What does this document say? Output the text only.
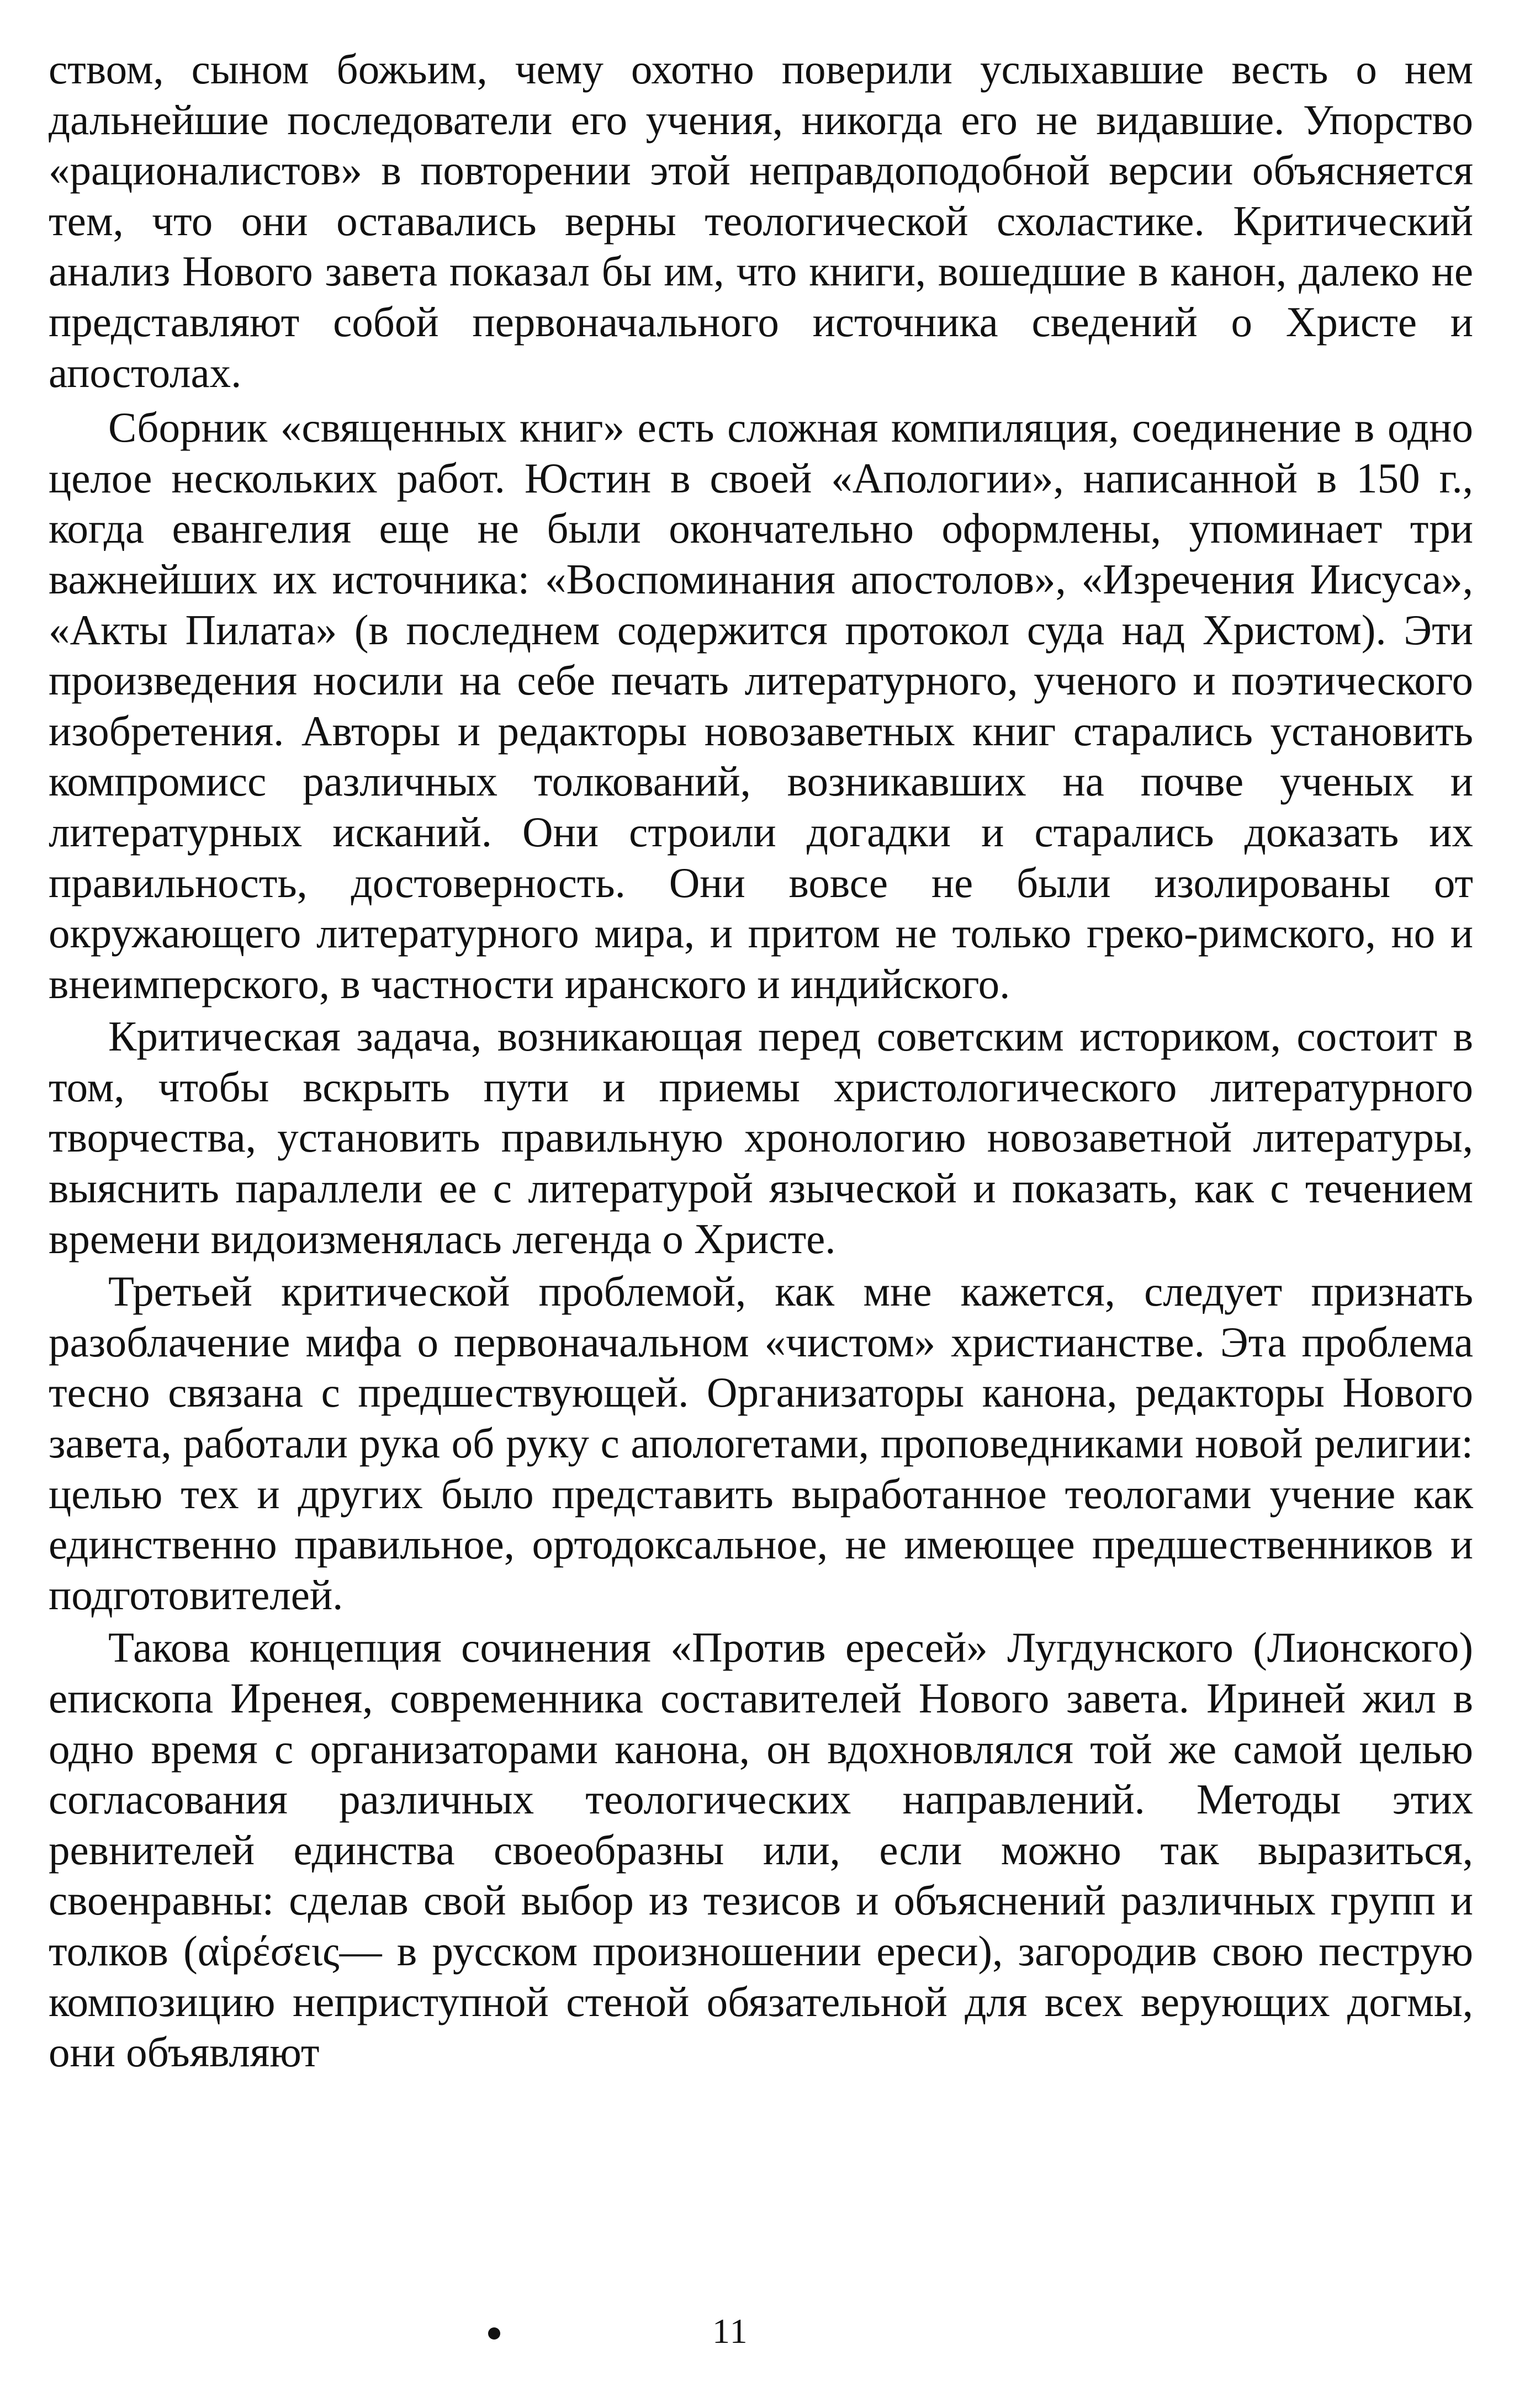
ством, сыном божьим, чему охотно поверили услыхавшие весть о нем дальнейшие последователи его учения, никогда его не видавшие. Упорство «рационалистов» в повторении этой неправдоподобной версии объясняется тем, что они оставались верны теологической схоластике. Критический анализ Нового завета показал бы им, что книги, вошедшие в канон, далеко не представляют собой первоначального источника сведений о Христе и апостолах.

Сборник «священных книг» есть сложная компиляция, соединение в одно целое нескольких работ. Юстин в своей «Апологии», написанной в 150 г., когда евангелия еще не были окончательно оформлены, упоминает три важнейших их источника: «Воспоминания апостолов», «Изречения Иисуса», «Акты Пилата» (в последнем содержится протокол суда над Христом). Эти произведения носили на себе печать литературного, ученого и поэтического изобретения. Авторы и редакторы новозаветных книг старались установить компромисс различных толкований, возникавших на почве ученых и литературных исканий. Они строили догадки и старались доказать их правильность, достоверность. Они вовсе не были изолированы от окружающего литературного мира, и притом не только греко-римского, но и внеимперского, в частности иранского и индийского.

Критическая задача, возникающая перед советским историком, состоит в том, чтобы вскрыть пути и приемы христологического литературного творчества, установить правильную хронологию новозаветной литературы, выяснить параллели ее с литературой языческой и показать, как с течением времени видоизменялась легенда о Христе.

Третьей критической проблемой, как мне кажется, следует признать разоблачение мифа о первоначальном «чистом» христианстве. Эта проблема тесно связана с предшествующей. Организаторы канона, редакторы Нового завета, работали рука об руку с апологетами, проповедниками новой религии: целью тех и других было представить выработанное теологами учение как единственно правильное, ортодоксальное, не имеющее предшественников и подготовителей.

Такова концепция сочинения «Против ересей» Лугдунского (Лионского) епископа Иренея, современника составителей Нового завета. Ириней жил в одно время с организаторами канона, он вдохновлялся той же самой целью согласования различных теологических направлений. Методы этих ревнителей единства своеобразны или, если можно так выразиться, своенравны: сделав свой выбор из тезисов и объяснений различных групп и толков (αἱρέσεις— в русском произношении ереси), загородив свою пеструю композицию неприступной стеной обязательной для всех верующих догмы, они объявляют

11
